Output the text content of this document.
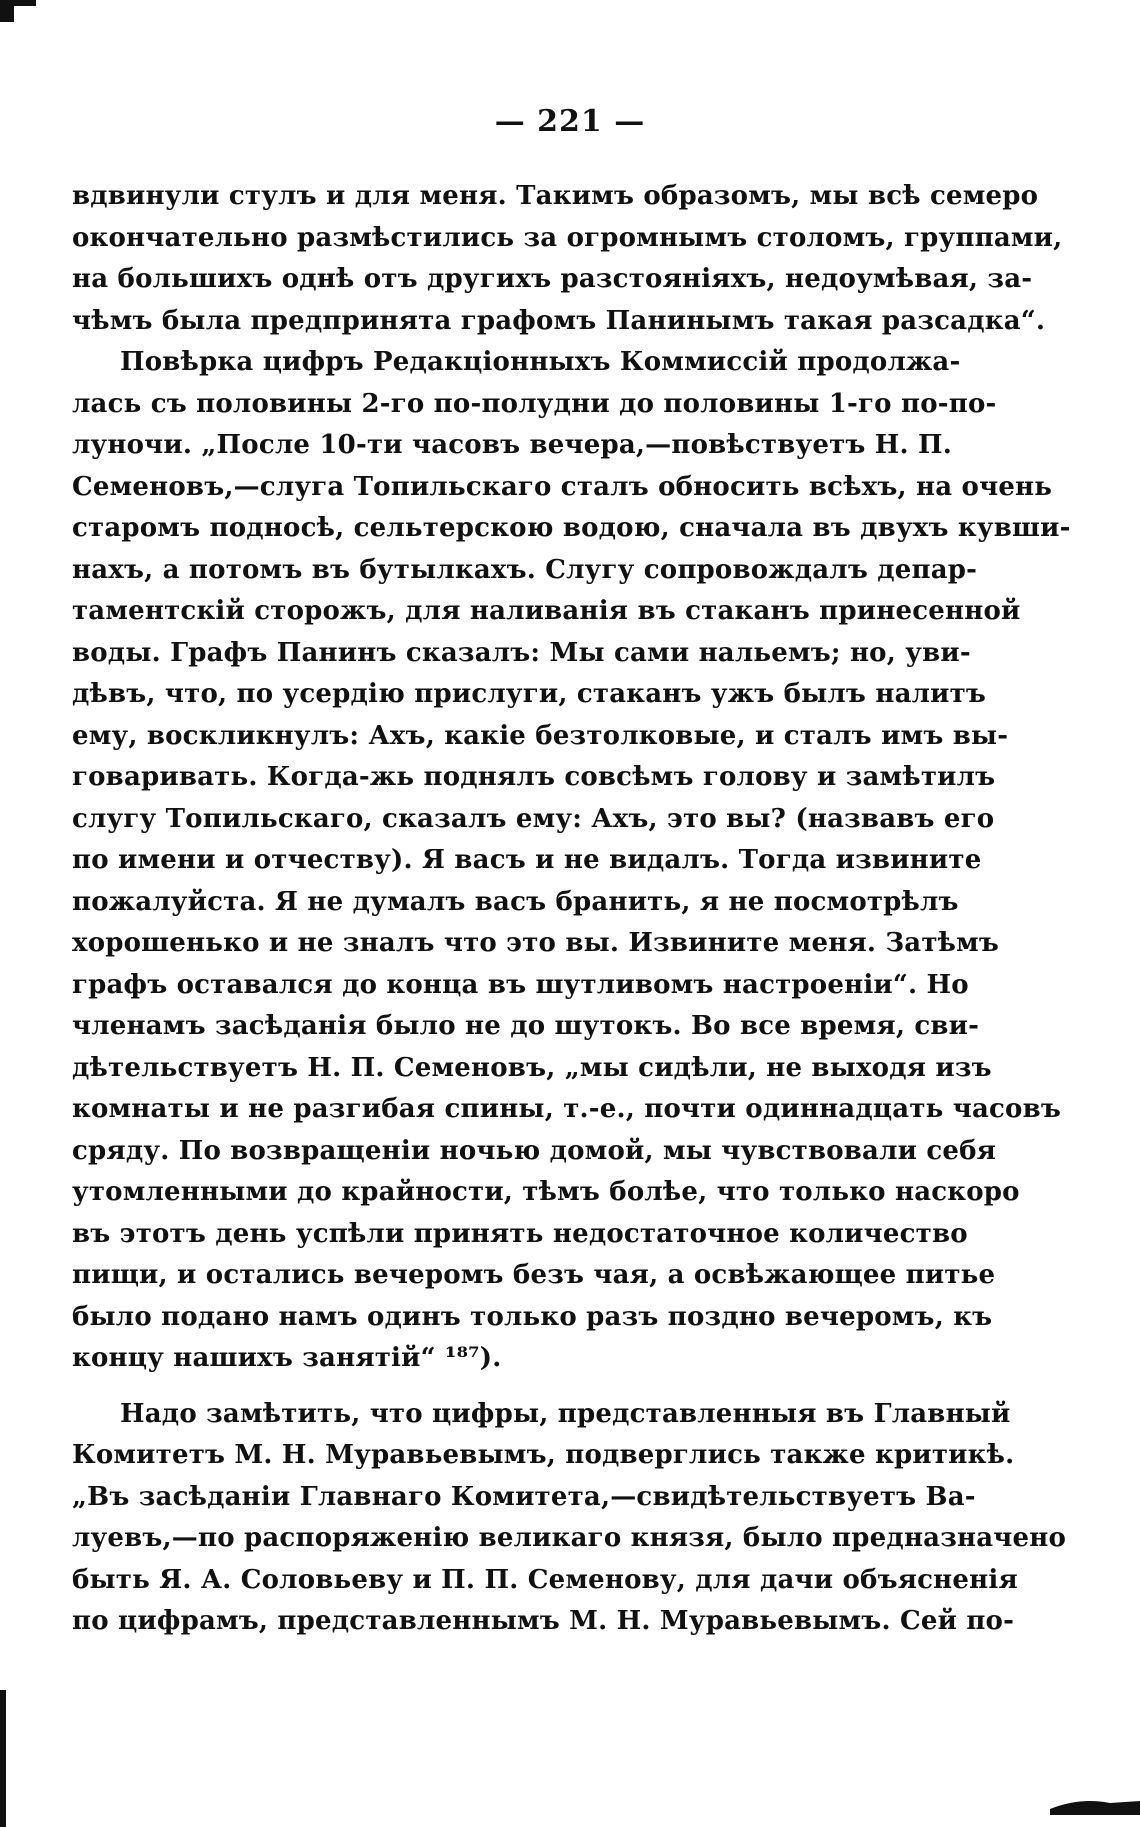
— 221 —
вдвинули стулъ и для меня. Такимъ образомъ, мы всѣ семеро
окончательно размѣстились за огромнымъ столомъ, группами,
на большихъ однѣ отъ другихъ разстояніяхъ, недоумѣвая, за-
чѣмъ была предпринята графомъ Панинымъ такая разсадка“.
Повѣрка цифръ Редакціонныхъ Коммиссій продолжа-
лась съ половины 2-го по-полудни до половины 1-го по-по-
луночи. „После 10-ти часовъ вечера,—повѣствуетъ Н. П.
Семеновъ,—слуга Топильскаго сталъ обносить всѣхъ, на очень
старомъ подносѣ, сельтерскою водою, сначала въ двухъ кувши-
нахъ, а потомъ въ бутылкахъ. Слугу сопровождалъ депар-
таментскій сторожъ, для наливанія въ стаканъ принесенной
воды. Графъ Панинъ сказалъ: Мы сами нальемъ; но, уви-
дѣвъ, что, по усердію прислуги, стаканъ ужъ былъ налитъ
ему, воскликнулъ: Ахъ, какіе безтолковые, и сталъ имъ вы-
говаривать. Когда-жь поднялъ совсѣмъ голову и замѣтилъ
слугу Топильскаго, сказалъ ему: Ахъ, это вы? (назвавъ его
по имени и отчеству). Я васъ и не видалъ. Тогда извините
пожалуйста. Я не думалъ васъ бранить, я не посмотрѣлъ
хорошенько и не зналъ что это вы. Извините меня. Затѣмъ
графъ оставался до конца въ шутливомъ настроеніи“. Но
членамъ засѣданія было не до шутокъ. Во все время, сви-
дѣтельствуетъ Н. П. Семеновъ, „мы сидѣли, не выходя изъ
комнаты и не разгибая спины, т.-е., почти одиннадцать часовъ
сряду. По возвращеніи ночью домой, мы чувствовали себя
утомленными до крайности, тѣмъ болѣе, что только наскоро
въ этотъ день успѣли принять недостаточное количество
пищи, и остались вечеромъ безъ чая, а освѣжающее питье
было подано намъ одинъ только разъ поздно вечеромъ, къ
концу нашихъ занятій“ ¹⁸⁷).
Надо замѣтить, что цифры, представленныя въ Главный
Комитетъ М. Н. Муравьевымъ, подверглись также критикѣ.
„Въ засѣданіи Главнаго Комитета,—свидѣтельствуетъ Ва-
луевъ,—по распоряженію великаго князя, было предназначено
быть Я. А. Соловьеву и П. П. Семенову, для дачи объясненія
по цифрамъ, представленнымъ М. Н. Муравьевымъ. Сей по-
